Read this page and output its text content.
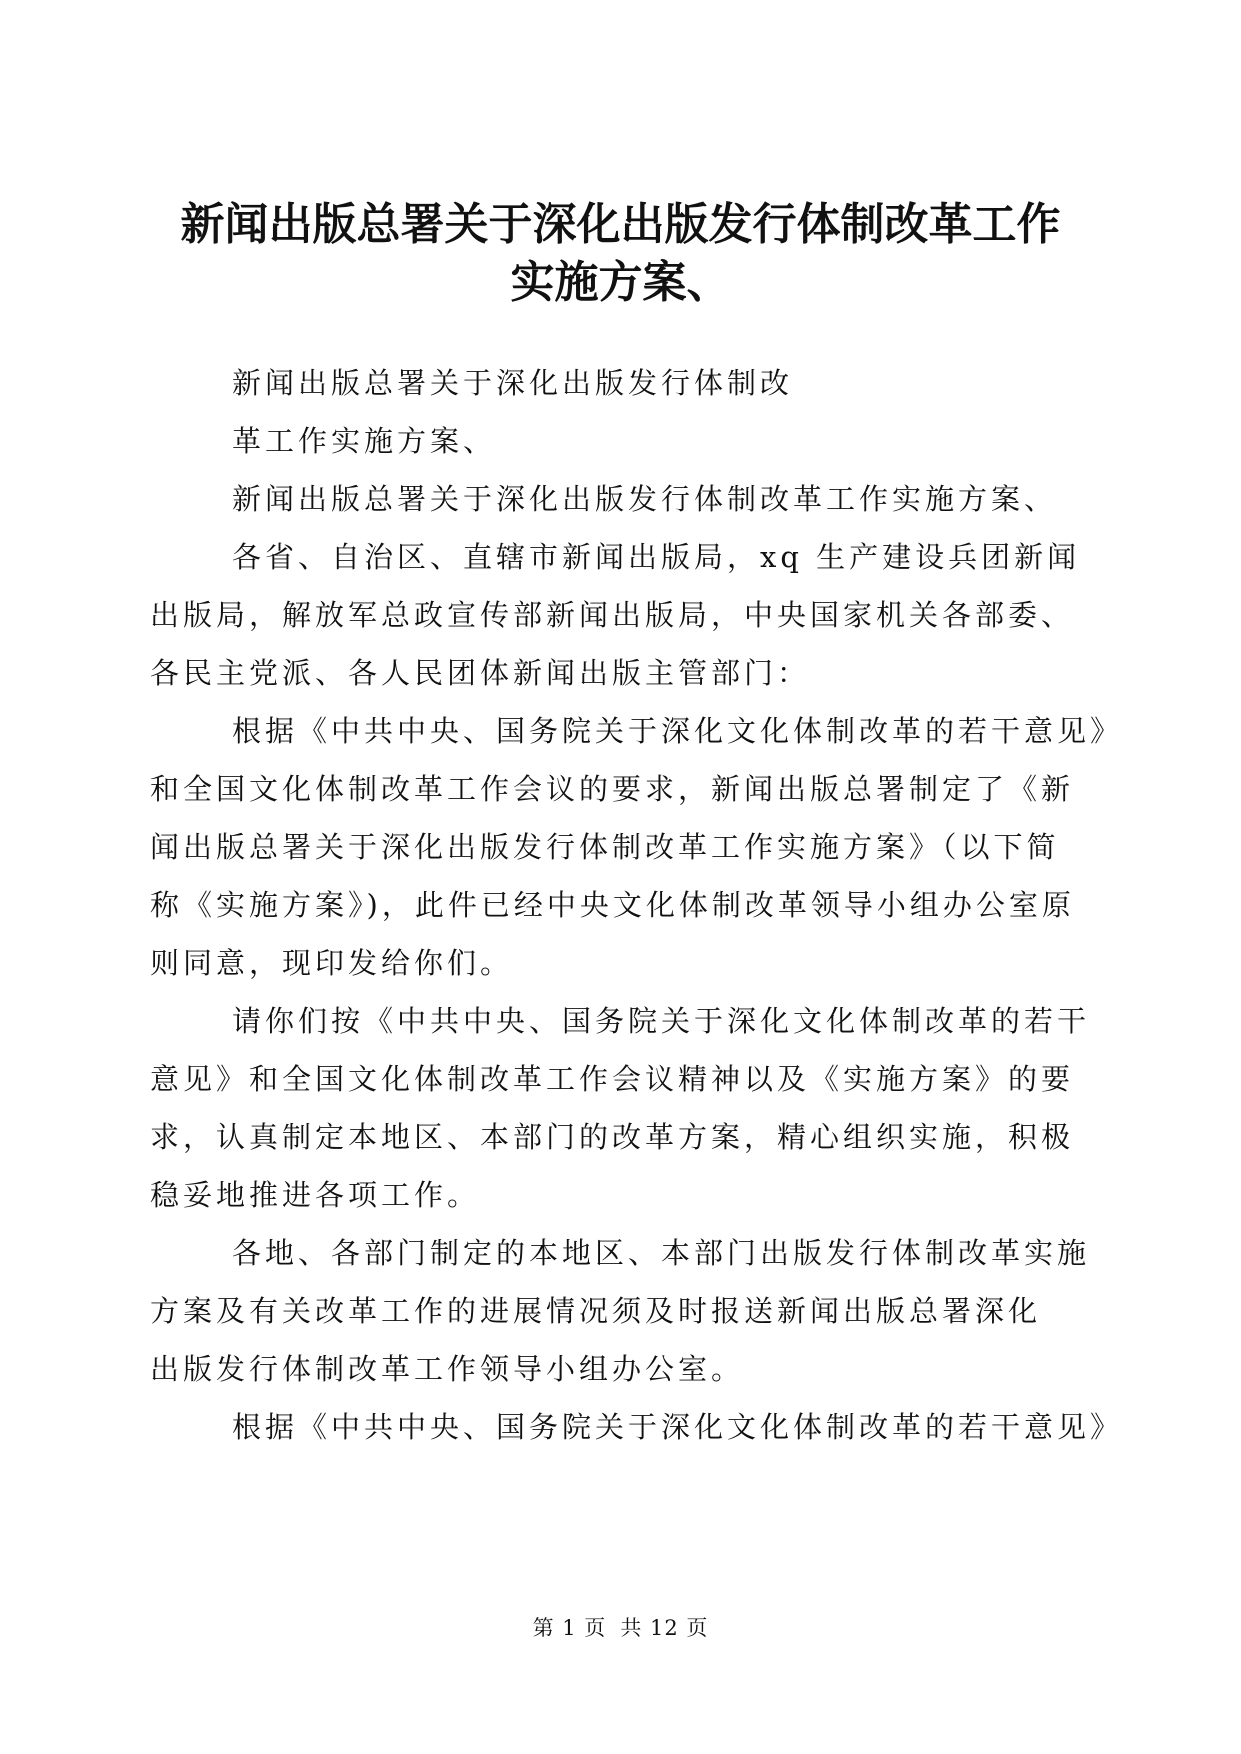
新闻出版总署关于深化出版发行体制改革工作
实施方案、
新闻出版总署关于深化出版发行体制改
革工作实施方案、
新闻出版总署关于深化出版发行体制改革工作实施方案、
各省、自治区、直辖市新闻出版局，xq 生产建设兵团新闻
出版局，解放军总政宣传部新闻出版局，中央国家机关各部委、
各民主党派、各人民团体新闻出版主管部门：
根据《中共中央、国务院关于深化文化体制改革的若干意见》
和全国文化体制改革工作会议的要求，新闻出版总署制定了《新
闻出版总署关于深化出版发行体制改革工作实施方案》（以下简
称《实施方案》)，此件已经中央文化体制改革领导小组办公室原
则同意，现印发给你们。
请你们按《中共中央、国务院关于深化文化体制改革的若干
意见》和全国文化体制改革工作会议精神以及《实施方案》的要
求，认真制定本地区、本部门的改革方案，精心组织实施，积极
稳妥地推进各项工作。
各地、各部门制定的本地区、本部门出版发行体制改革实施
方案及有关改革工作的进展情况须及时报送新闻出版总署深化
出版发行体制改革工作领导小组办公室。
根据《中共中央、国务院关于深化文化体制改革的若干意见》
第 1 页 共 12 页
